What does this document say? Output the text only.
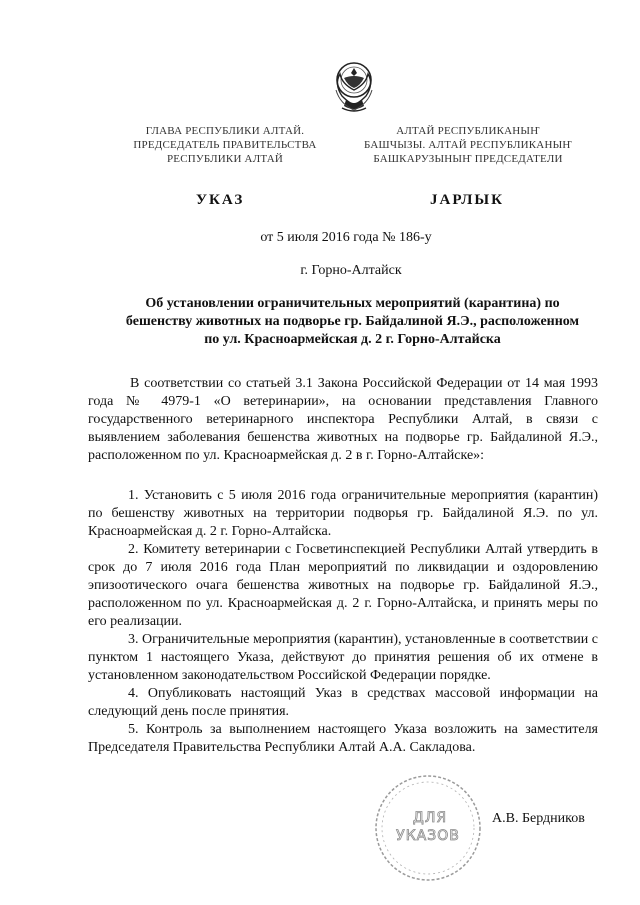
ГЛАВА РЕСПУБЛИКИ АЛТАЙ.
ПРЕДСЕДАТЕЛЬ ПРАВИТЕЛЬСТВА
РЕСПУБЛИКИ АЛТАЙ
АЛТАЙ РЕСПУБЛИКАНЫҤ
БАШЧЫЗЫ. АЛТАЙ РЕСПУБЛИКАНЫҤ
БАШКАРУЗЫНЫҤ ПРЕДСЕДАТЕЛИ
УКАЗ	JАРЛЫК
от 5 июля 2016 года № 186-у
г. Горно-Алтайск
Об установлении ограничительных мероприятий (карантина) по
бешенству животных на подворье гр. Байдалиной Я.Э., расположенном
по ул. Красноармейская д. 2 г. Горно-Алтайска

В соответствии со статьей 3.1 Закона Российской Федерации от 14 мая 1993 года № 4979-1 «О ветеринарии», на основании представления Главного государственного ветеринарного инспектора Республики Алтай, в связи с выявлением заболевания бешенства животных на подворье гр. Байдалиной Я.Э., расположенном по ул. Красноармейская д. 2 в г. Горно-Алтайске»:

1. Установить с 5 июля 2016 года ограничительные мероприятия (карантин) по бешенству животных на территории подворья гр. Байдалиной Я.Э. по ул. Красноармейская д. 2 г. Горно-Алтайска.

2. Комитету ветеринарии с Госветинспекцией Республики Алтай утвердить в срок до 7 июля 2016 года План мероприятий по ликвидации и оздоровлению эпизоотического очага бешенства животных на подворье гр. Байдалиной Я.Э., расположенном по ул. Красноармейская д. 2 г. Горно-Алтайска, и принять меры по его реализации.

3. Ограничительные мероприятия (карантин), установленные в соответствии с пунктом 1 настоящего Указа, действуют до принятия решения об их отмене в установленном законодательством Российской Федерации порядке.

4. Опубликовать настоящий Указ в средствах массовой информации на следующий день после принятия.

5. Контроль за выполнением настоящего Указа возложить на заместителя Председателя Правительства Республики Алтай А.А. Сакладова.

ДЛЯ
УКАЗОВ
А.В. Бердников
